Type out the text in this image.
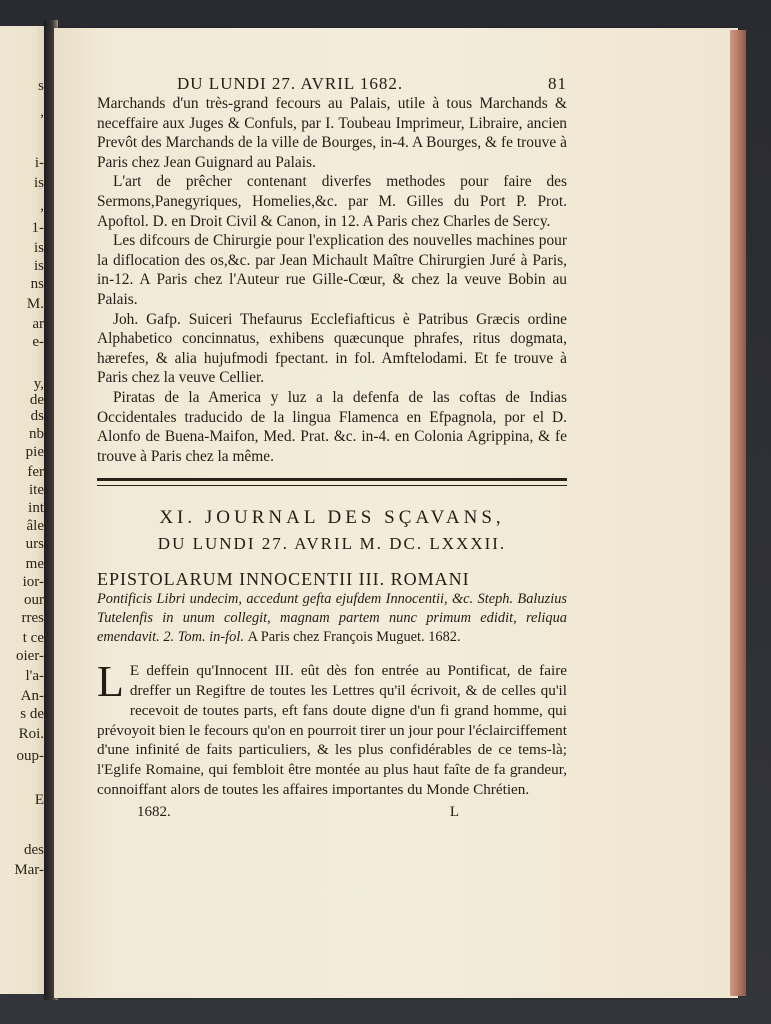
s
,
i-
is
,
1-
is
is
ns
M.
ar
e-
y,
de
ds
nb
pie
fer
ite
int
âle
urs
me
ior-
our
rres
t ce
oier-
l'a-
An-
s de
Roi.
oup-
E
des
Mar-
DU LUNDI 27. AVRIL 1682.	81

Marchands d'un très-grand fecours au Palais, utile à tous Marchands & neceffaire aux Juges & Confuls, par I. Toubeau Imprimeur, Libraire, ancien Prevôt des Marchands de la ville de Bourges, in-4. A Bourges, & fe trouve à Paris chez Jean Guignard au Palais.

L'art de prêcher contenant diverfes methodes pour faire des Sermons,Panegyriques, Homelies,&c. par M. Gilles du Port P. Prot. Apoftol. D. en Droit Civil & Canon, in 12. A Paris chez Charles de Sercy.

Les difcours de Chirurgie pour l'explication des nouvelles machines pour la diflocation des os,&c. par Jean Michault Maître Chirurgien Juré à Paris, in-12. A Paris chez l'Auteur rue Gille-Cœur, & chez la veuve Bobin au Palais.

Joh. Gafp. Suiceri Thefaurus Ecclefiafticus è Patribus Græcis ordine Alphabetico concinnatus, exhibens quæcunque phrafes, ritus dogmata, hærefes, & alia hujufmodi fpectant. in fol. Amftelodami. Et fe trouve à Paris chez la veuve Cellier.

Piratas de la America y luz a la defenfa de las coftas de Indias Occidentales traducido de la lingua Flamenca en Efpagnola, por el D. Alonfo de Buena-Maifon, Med. Prat. &c. in-4. en Colonia Agrippina, & fe trouve à Paris chez la même.

XI. JOURNAL DES SÇAVANS,
DU LUNDI 27. AVRIL M. DC. LXXXII.
EPISTOLARUM INNOCENTII III. ROMANI

Pontificis Libri undecim, accedunt gefta ejufdem Innocentii, &c. Steph. Baluzius Tutelenfis in unum collegit, magnam partem nunc primum edidit, reliqua emendavit. 2. Tom. in-fol. A Paris chez François Muguet. 1682.

L E deffein qu'Innocent III. eût dès fon entrée au Pontificat, de faire dreffer un Regiftre de toutes les Lettres qu'il écrivoit, & de celles qu'il recevoit de toutes parts, eft fans doute digne d'un fi grand homme, qui prévoyoit bien le fecours qu'on en pourroit tirer un jour pour l'éclairciffement d'une infinité de faits particuliers, & les plus confidérables de ce tems-là; l'Eglife Romaine, qui fembloit être montée au plus haut faîte de fa grandeur, connoiffant alors de toutes les affaires importantes du Monde Chrétien.
1682.	L
